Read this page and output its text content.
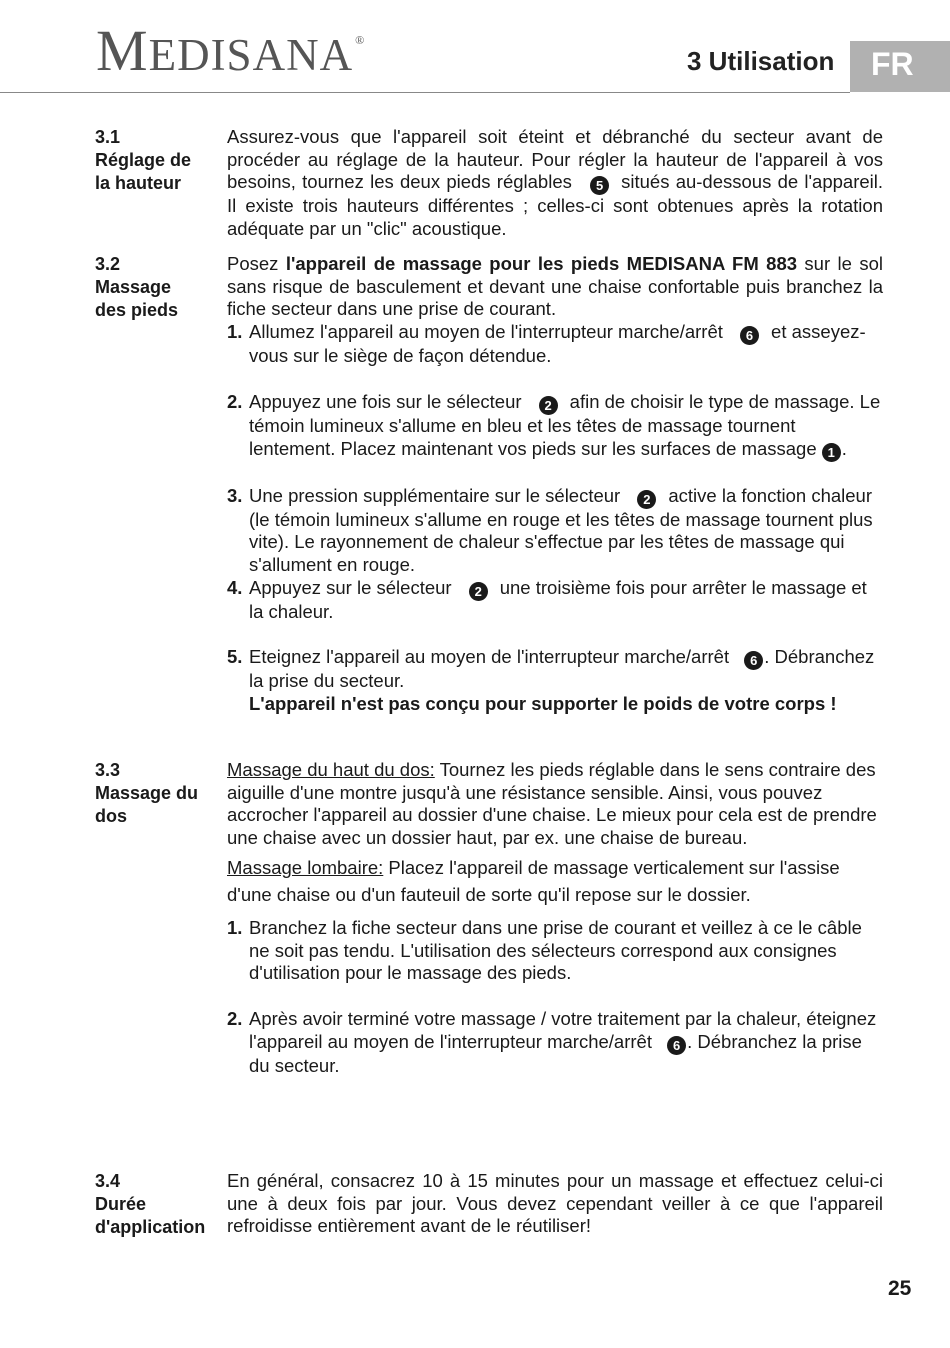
MEDISANA ®
3 Utilisation	FR
3.1
Réglage de
la hauteur

Assurez-vous que l'appareil soit éteint et débranché du secteur avant de procéder au réglage de la hauteur. Pour régler la hauteur de l'appareil à vos besoins, tournez les deux pieds réglables 5 situés au-dessous de l'appareil. Il existe trois hauteurs différentes ; celles-ci sont obtenues après la rotation adéquate par un "clic" acoustique.

3.2
Massage
des pieds

Posez l'appareil de massage pour les pieds MEDISANA FM 883 sur le sol sans risque de basculement et devant une chaise confortable puis branchez la fiche secteur dans une prise de courant.

1. Allumez l'appareil au moyen de l'interrupteur marche/arrêt 6 et asseyez-vous sur le siège de façon détendue.
2. Appuyez une fois sur le sélecteur 2 afin de choisir le type de massage. Le témoin lumineux s'allume en bleu et les têtes de massage tournent lentement. Placez maintenant vos pieds sur les surfaces de massage 1 .
3. Une pression supplémentaire sur le sélecteur 2 active la fonction chaleur (le témoin lumineux s'allume en rouge et les têtes de massage tournent plus vite). Le rayonnement de chaleur s'effectue par les têtes de massage qui s'allument en rouge.
4. Appuyez sur le sélecteur 2 une troisième fois pour arrêter le massage et la chaleur.
5. Eteignez l'appareil au moyen de l'interrupteur marche/arrêt 6 . Débranchez la prise du secteur.
L'appareil n'est pas conçu pour supporter le poids de votre corps !
3.3
Massage du
dos

Massage du haut du dos: Tournez les pieds réglable dans le sens contraire des aiguille d'une montre jusqu'à une résistance sensible. Ainsi, vous pouvez accrocher l'appareil au dossier d'une chaise. Le mieux pour cela est de prendre une chaise avec un dossier haut, par ex. une chaise de bureau.

Massage lombaire: Placez l'appareil de massage verticalement sur l'assise d'une chaise ou d'un fauteuil de sorte qu'il repose sur le dossier.

1. Branchez la fiche secteur dans une prise de courant et veillez à ce le câble ne soit pas tendu. L'utilisation des sélecteurs correspond aux consignes d'utilisation pour le massage des pieds.
2. Après avoir terminé votre massage / votre traitement par la chaleur, éteignez l'appareil au moyen de l'interrupteur marche/arrêt 6 . Débranchez la prise du secteur.
3.4
Durée
d'application

En général, consacrez 10 à 15 minutes pour un massage et effectuez celui-ci une à deux fois par jour. Vous devez cependant veiller à ce que l'appareil refroidisse entièrement avant de le réutiliser!

25
